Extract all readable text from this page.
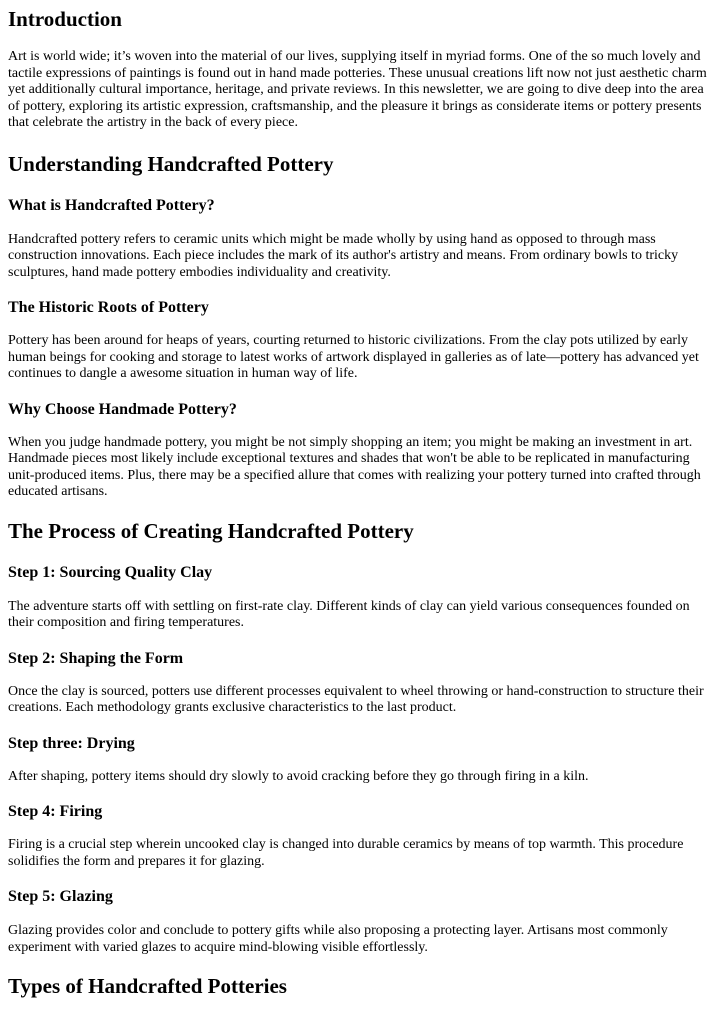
Introduction

Art is world wide; it’s woven into the material of our lives, supplying itself in myriad forms. One of the so much lovely and tactile expressions of paintings is found out in hand made potteries. These unusual creations lift now not just aesthetic charm yet additionally cultural importance, heritage, and private reviews. In this newsletter, we are going to dive deep into the area of pottery, exploring its artistic expression, craftsmanship, and the pleasure it brings as considerate items or pottery presents that celebrate the artistry in the back of every piece.

Understanding Handcrafted Pottery
What is Handcrafted Pottery?

Handcrafted pottery refers to ceramic units which might be made wholly by using hand as opposed to through mass construction innovations. Each piece includes the mark of its author's artistry and means. From ordinary bowls to tricky sculptures, hand made pottery embodies individuality and creativity.

The Historic Roots of Pottery

Pottery has been around for heaps of years, courting returned to historic civilizations. From the clay pots utilized by early human beings for cooking and storage to latest works of artwork displayed in galleries as of late—pottery has advanced yet continues to dangle a awesome situation in human way of life.

Why Choose Handmade Pottery?

When you judge handmade pottery, you might be not simply shopping an item; you might be making an investment in art. Handmade pieces most likely include exceptional textures and shades that won't be able to be replicated in manufacturing unit-produced items. Plus, there may be a specified allure that comes with realizing your pottery turned into crafted through educated artisans.

The Process of Creating Handcrafted Pottery
Step 1: Sourcing Quality Clay

The adventure starts off with settling on first-rate clay. Different kinds of clay can yield various consequences founded on their composition and firing temperatures.

Step 2: Shaping the Form

Once the clay is sourced, potters use different processes equivalent to wheel throwing or hand-construction to structure their creations. Each methodology grants exclusive characteristics to the last product.

Step three: Drying

After shaping, pottery items should dry slowly to avoid cracking before they go through firing in a kiln.

Step 4: Firing

Firing is a crucial step wherein uncooked clay is changed into durable ceramics by means of top warmth. This procedure solidifies the form and prepares it for glazing.

Step 5: Glazing

Glazing provides color and conclude to pottery gifts while also proposing a protecting layer. Artisans most commonly experiment with varied glazes to acquire mind-blowing visible effortlessly.

Types of Handcrafted Potteries
